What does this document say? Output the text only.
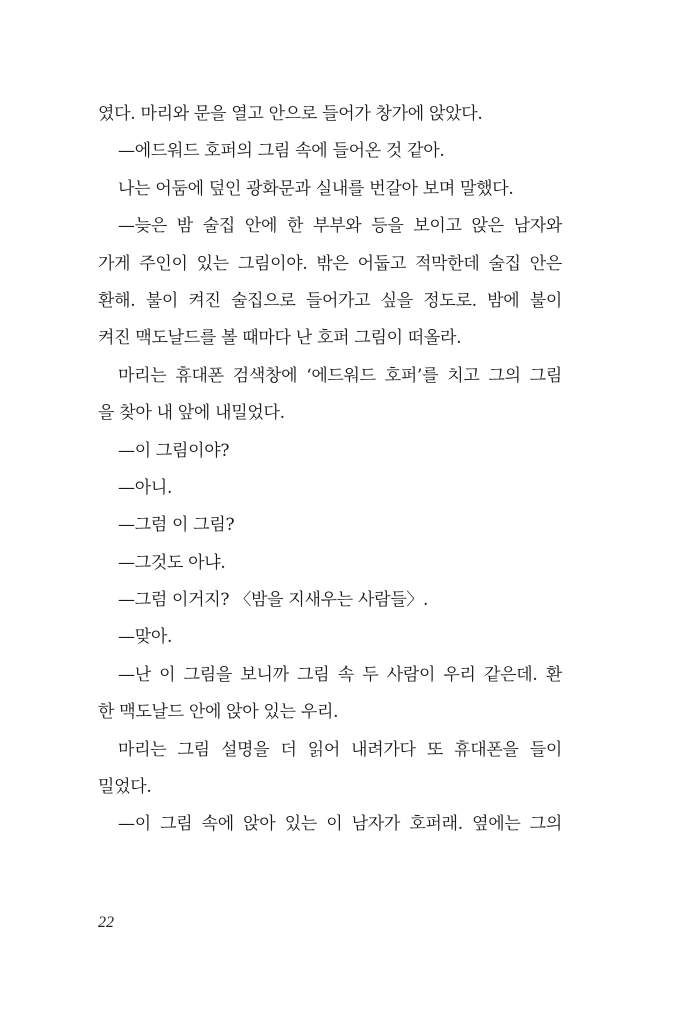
였다. 마리와 문을 열고 안으로 들어가 창가에 앉았다.
—에드워드 호퍼의 그림 속에 들어온 것 같아.
나는 어둠에 덮인 광화문과 실내를 번갈아 보며 말했다.
—늦은 밤 술집 안에 한 부부와 등을 보이고 앉은 남자와
가게 주인이 있는 그림이야. 밖은 어둡고 적막한데 술집 안은
환해. 불이 켜진 술집으로 들어가고 싶을 정도로. 밤에 불이
켜진 맥도날드를 볼 때마다 난 호퍼 그림이 떠올라.
마리는 휴대폰 검색창에 ‘에드워드 호퍼’를 치고 그의 그림
을 찾아 내 앞에 내밀었다.
—이 그림이야?
—아니.
—그럼 이 그림?
—그것도 아냐.
—그럼 이거지? 〈밤을 지새우는 사람들〉.
—맞아.
—난 이 그림을 보니까 그림 속 두 사람이 우리 같은데. 환
한 맥도날드 안에 앉아 있는 우리.
마리는 그림 설명을 더 읽어 내려가다 또 휴대폰을 들이
밀었다.
—이 그림 속에 앉아 있는 이 남자가 호퍼래. 옆에는 그의
22
